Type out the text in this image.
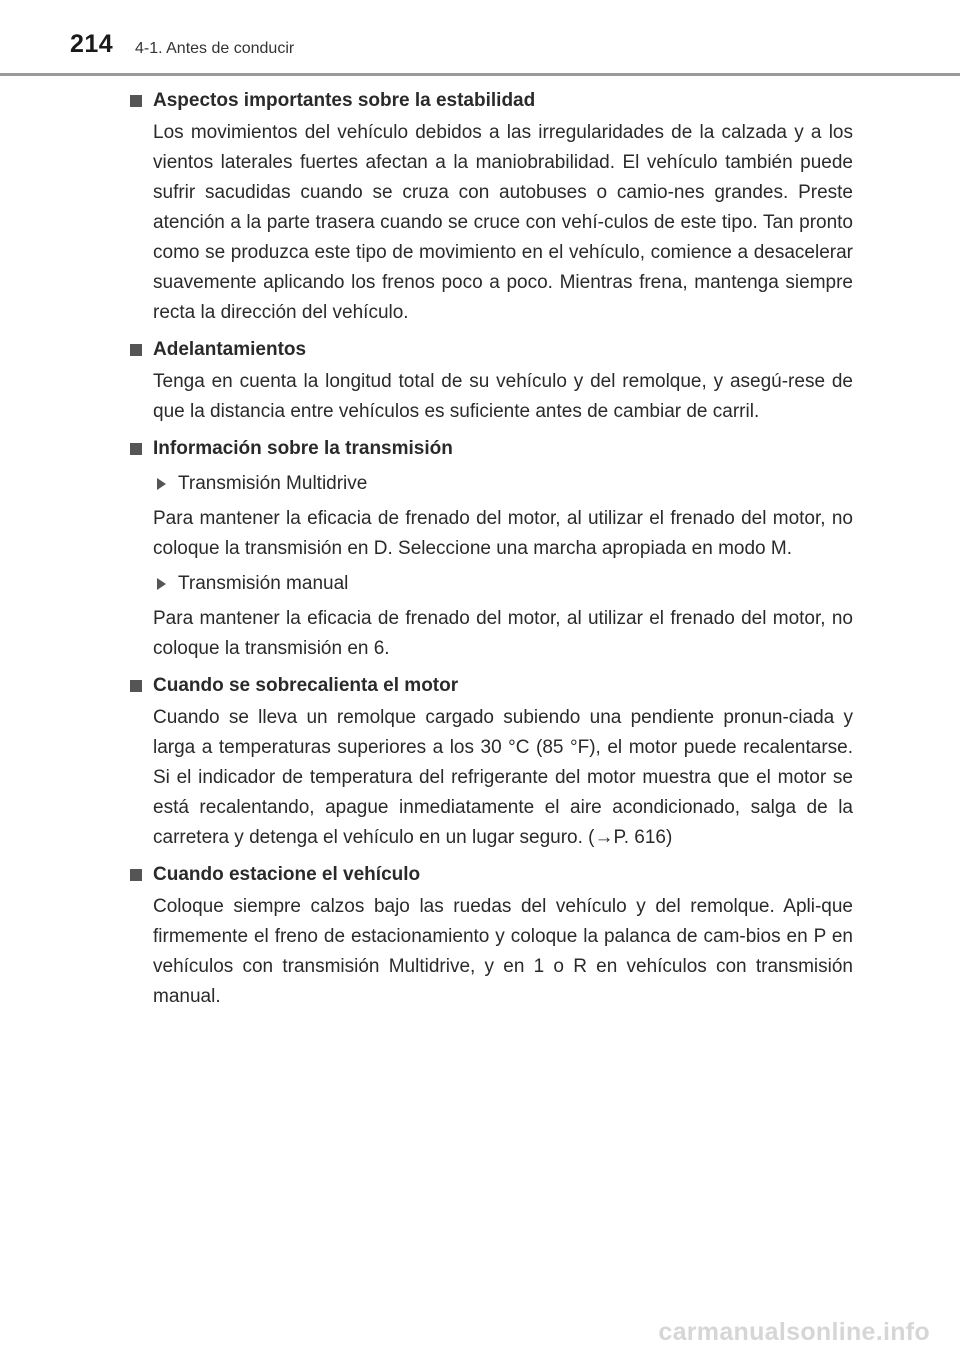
214 4-1. Antes de conducir
Aspectos importantes sobre la estabilidad

Los movimientos del vehículo debidos a las irregularidades de la calzada y a los vientos laterales fuertes afectan a la maniobrabilidad. El vehículo también puede sufrir sacudidas cuando se cruza con autobuses o camio-nes grandes. Preste atención a la parte trasera cuando se cruce con vehí-culos de este tipo. Tan pronto como se produzca este tipo de movimiento en el vehículo, comience a desacelerar suavemente aplicando los frenos poco a poco. Mientras frena, mantenga siempre recta la dirección del vehículo.

Adelantamientos

Tenga en cuenta la longitud total de su vehículo y del remolque, y asegú-rese de que la distancia entre vehículos es suficiente antes de cambiar de carril.

Información sobre la transmisión
Transmisión Multidrive

Para mantener la eficacia de frenado del motor, al utilizar el frenado del motor, no coloque la transmisión en D. Seleccione una marcha apropiada en modo M.

Transmisión manual

Para mantener la eficacia de frenado del motor, al utilizar el frenado del motor, no coloque la transmisión en 6.

Cuando se sobrecalienta el motor

Cuando se lleva un remolque cargado subiendo una pendiente pronun-ciada y larga a temperaturas superiores a los 30 °C (85 °F), el motor puede recalentarse. Si el indicador de temperatura del refrigerante del motor muestra que el motor se está recalentando, apague inmediatamente el aire acondicionado, salga de la carretera y detenga el vehículo en un lugar seguro. (→P. 616)

Cuando estacione el vehículo

Coloque siempre calzos bajo las ruedas del vehículo y del remolque. Apli-que firmemente el freno de estacionamiento y coloque la palanca de cam-bios en P en vehículos con transmisión Multidrive, y en 1 o R en vehículos con transmisión manual.

carmanualsonline.info
